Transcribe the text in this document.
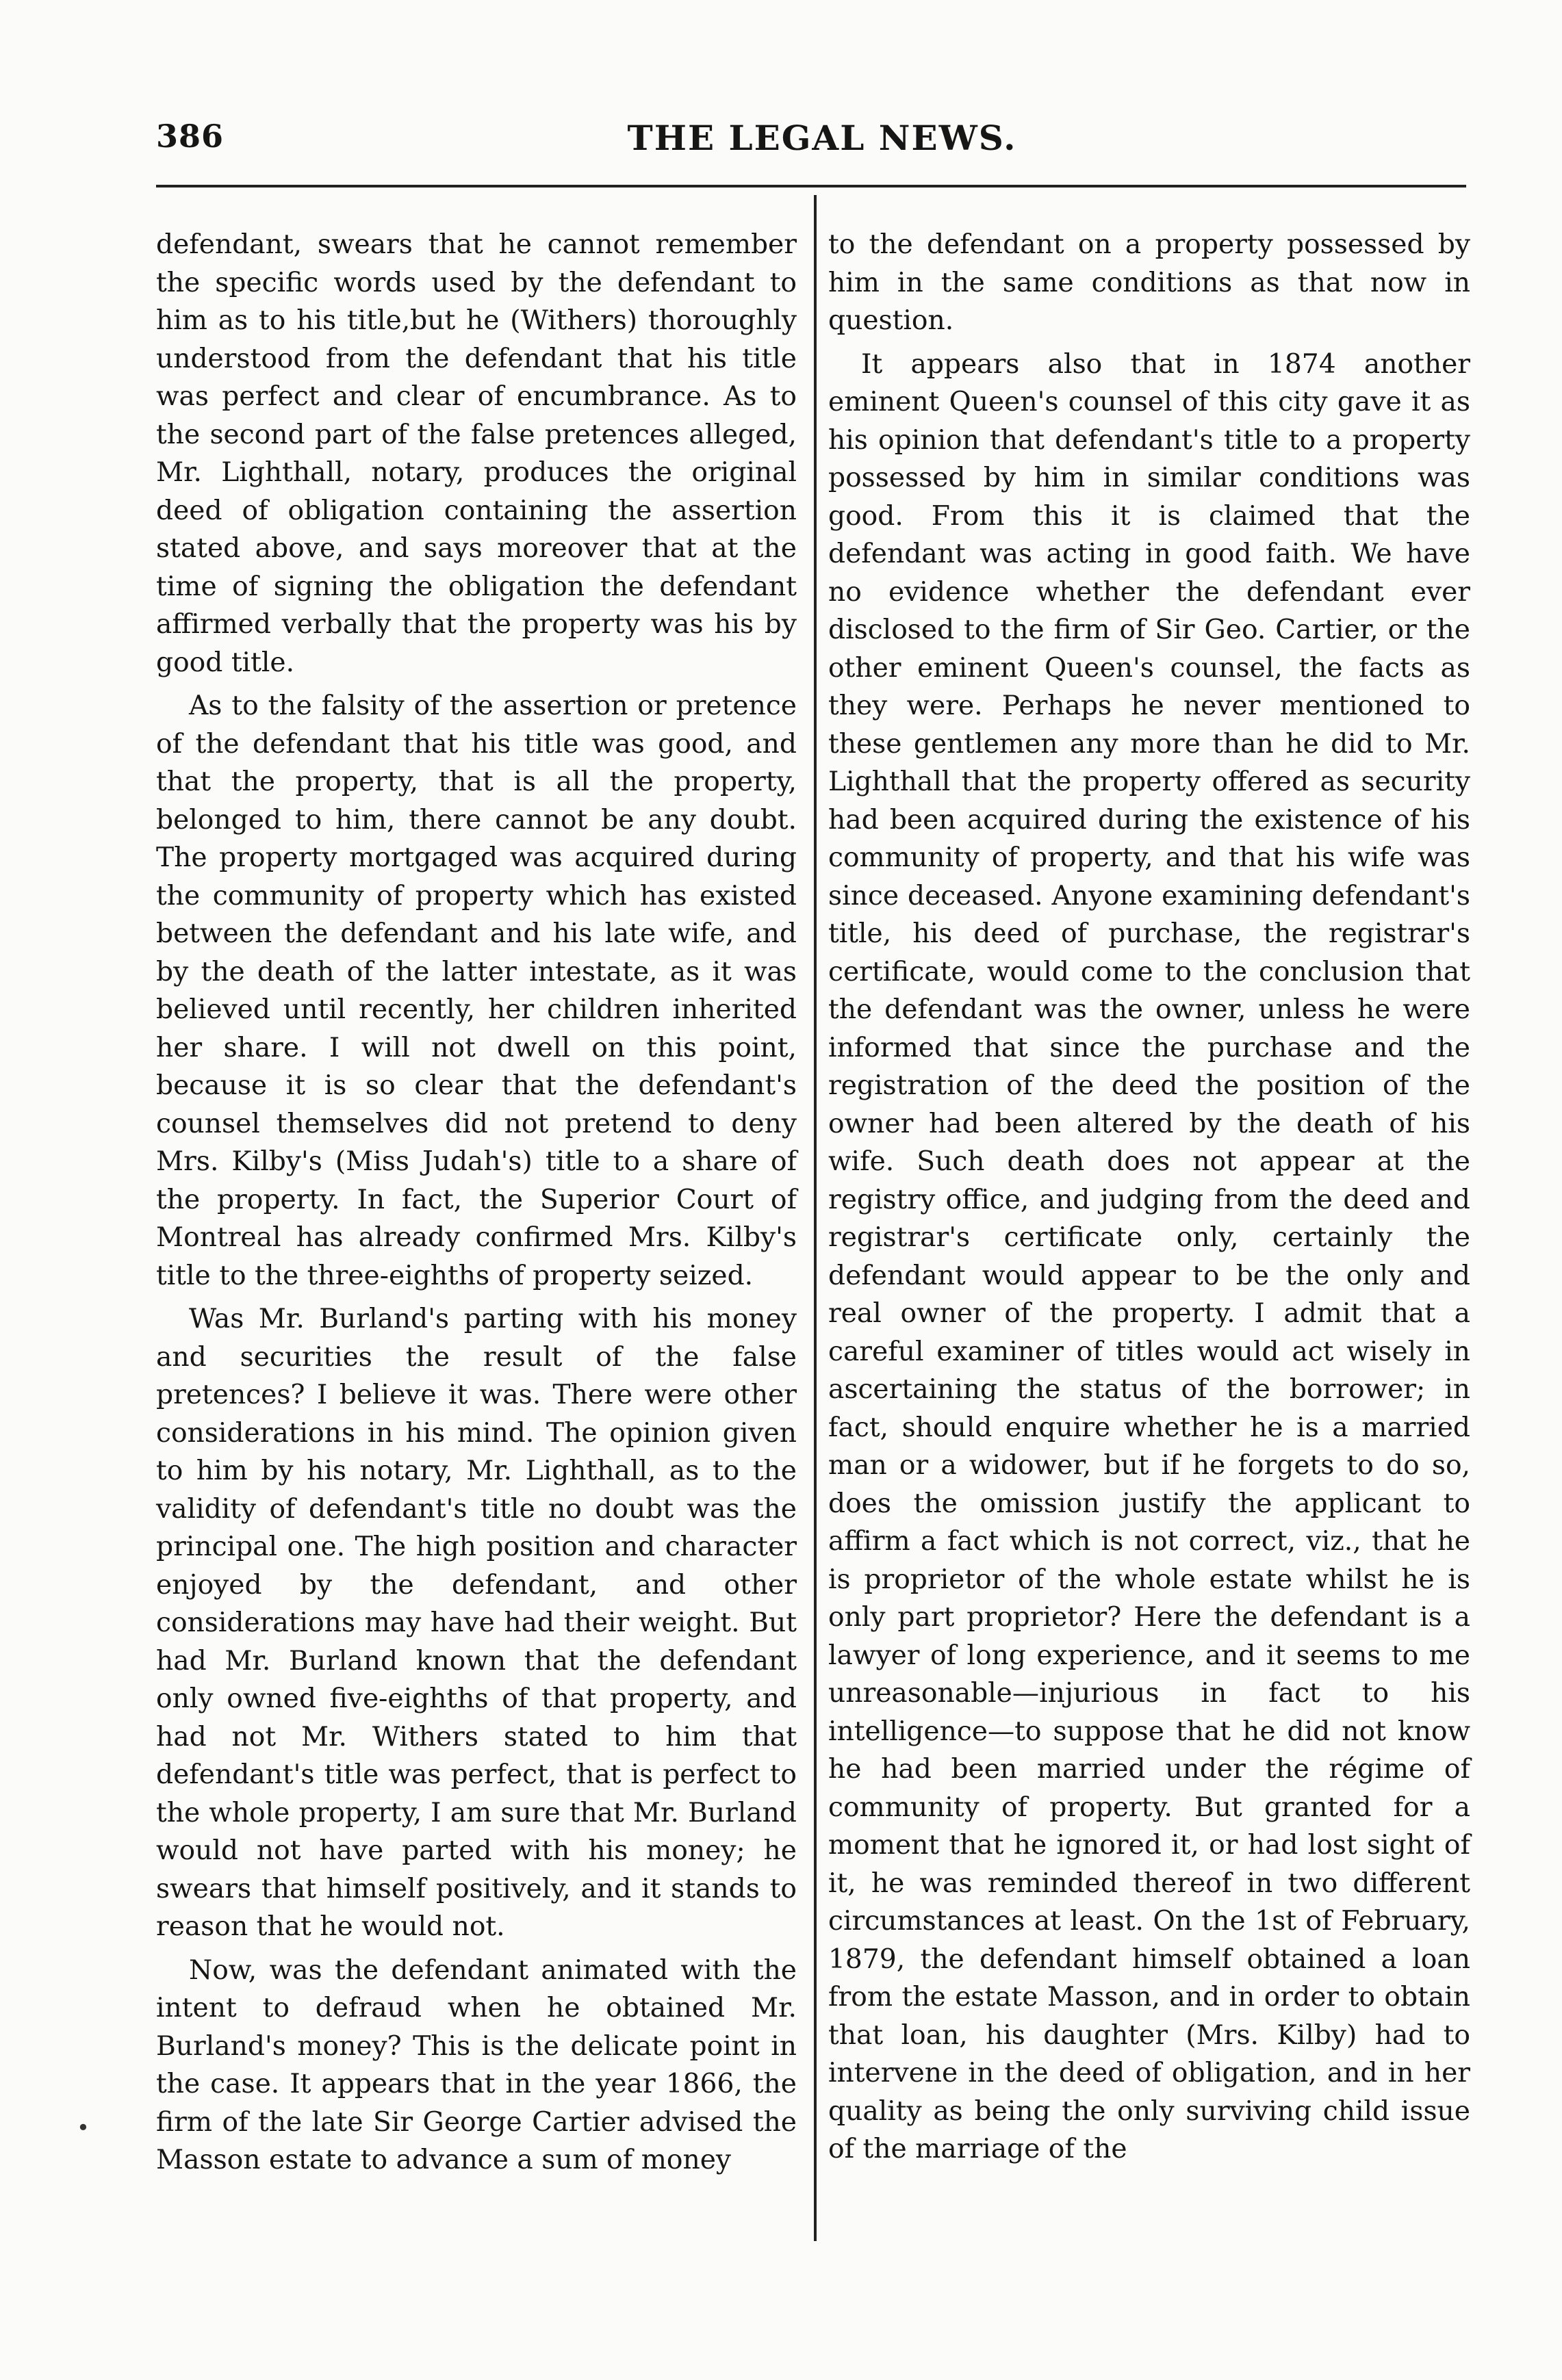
386	THE LEGAL NEWS.

defendant, swears that he cannot remember the specific words used by the defendant to him as to his title,but he (Withers) thoroughly understood from the defendant that his title was perfect and clear of encumbrance. As to the second part of the false pretences alleged, Mr. Lighthall, notary, produces the original deed of obligation containing the assertion stated above, and says moreover that at the time of signing the obligation the defendant affirmed verbally that the property was his by good title.

As to the falsity of the assertion or pretence of the defendant that his title was good, and that the property, that is all the property, belonged to him, there cannot be any doubt. The property mortgaged was acquired during the community of property which has existed between the defendant and his late wife, and by the death of the latter intestate, as it was believed until recently, her children inherited her share. I will not dwell on this point, because it is so clear that the defendant's counsel themselves did not pretend to deny Mrs. Kilby's (Miss Judah's) title to a share of the property. In fact, the Superior Court of Montreal has already confirmed Mrs. Kilby's title to the three-eighths of property seized.

Was Mr. Burland's parting with his money and securities the result of the false pretences? I believe it was. There were other considerations in his mind. The opinion given to him by his notary, Mr. Lighthall, as to the validity of defendant's title no doubt was the principal one. The high position and character enjoyed by the defendant, and other considerations may have had their weight. But had Mr. Burland known that the defendant only owned five-eighths of that property, and had not Mr. Withers stated to him that defendant's title was perfect, that is perfect to the whole property, I am sure that Mr. Burland would not have parted with his money; he swears that himself positively, and it stands to reason that he would not.

Now, was the defendant animated with the intent to defraud when he obtained Mr. Burland's money? This is the delicate point in the case. It appears that in the year 1866, the firm of the late Sir George Cartier advised the Masson estate to advance a sum of money

to the defendant on a property possessed by him in the same conditions as that now in question.

It appears also that in 1874 another eminent Queen's counsel of this city gave it as his opinion that defendant's title to a property possessed by him in similar conditions was good. From this it is claimed that the defendant was acting in good faith. We have no evidence whether the defendant ever disclosed to the firm of Sir Geo. Cartier, or the other eminent Queen's counsel, the facts as they were. Perhaps he never mentioned to these gentlemen any more than he did to Mr. Lighthall that the property offered as security had been acquired during the existence of his community of property, and that his wife was since deceased. Anyone examining defendant's title, his deed of purchase, the registrar's certificate, would come to the conclusion that the defendant was the owner, unless he were informed that since the purchase and the registration of the deed the position of the owner had been altered by the death of his wife. Such death does not appear at the registry office, and judging from the deed and registrar's certificate only, certainly the defendant would appear to be the only and real owner of the property. I admit that a careful examiner of titles would act wisely in ascertaining the status of the borrower; in fact, should enquire whether he is a married man or a widower, but if he forgets to do so, does the omission justify the applicant to affirm a fact which is not correct, viz., that he is proprietor of the whole estate whilst he is only part proprietor? Here the defendant is a lawyer of long experience, and it seems to me unreasonable—injurious in fact to his intelligence—to suppose that he did not know he had been married under the régime of community of property. But granted for a moment that he ignored it, or had lost sight of it, he was reminded thereof in two different circumstances at least. On the 1st of February, 1879, the defendant himself obtained a loan from the estate Masson, and in order to obtain that loan, his daughter (Mrs. Kilby) had to intervene in the deed of obligation, and in her quality as being the only surviving child issue of the marriage of the

•
